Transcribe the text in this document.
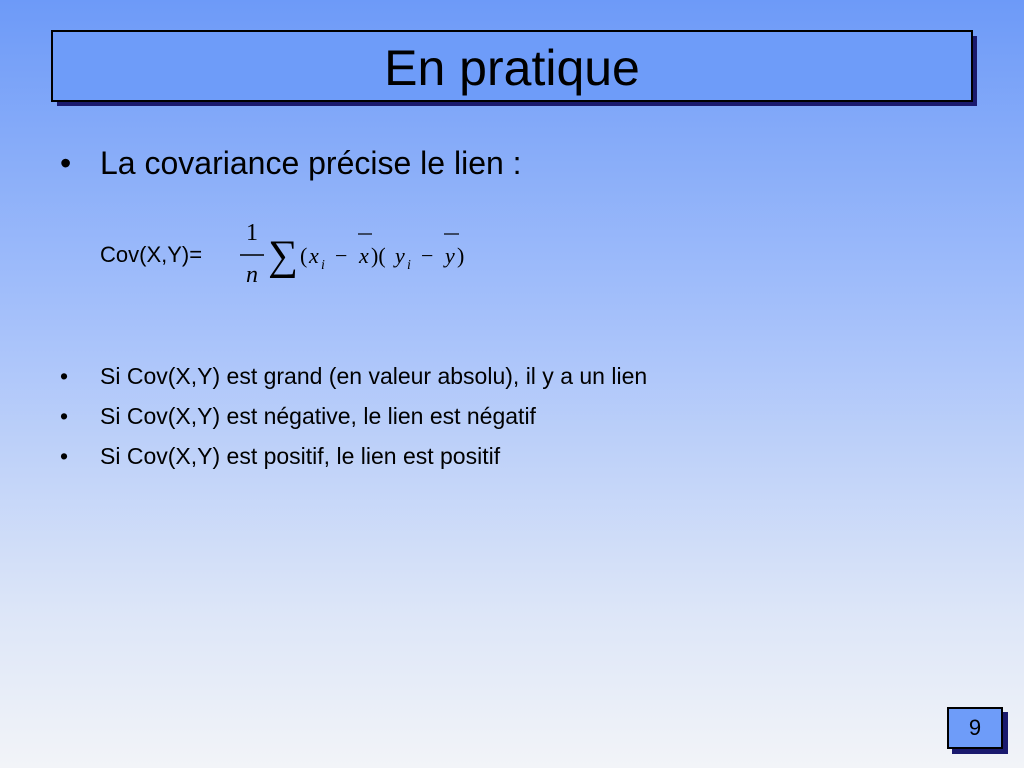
En pratique
• La covariance précise le lien :
Cov(X,Y)=
1
n ∑ ( x i − x )( y i − y )
•	Si Cov(X,Y) est grand (en valeur absolu), il y a un lien
•	Si Cov(X,Y) est négative, le lien est négatif
•	Si Cov(X,Y) est positif, le lien est positif
9
